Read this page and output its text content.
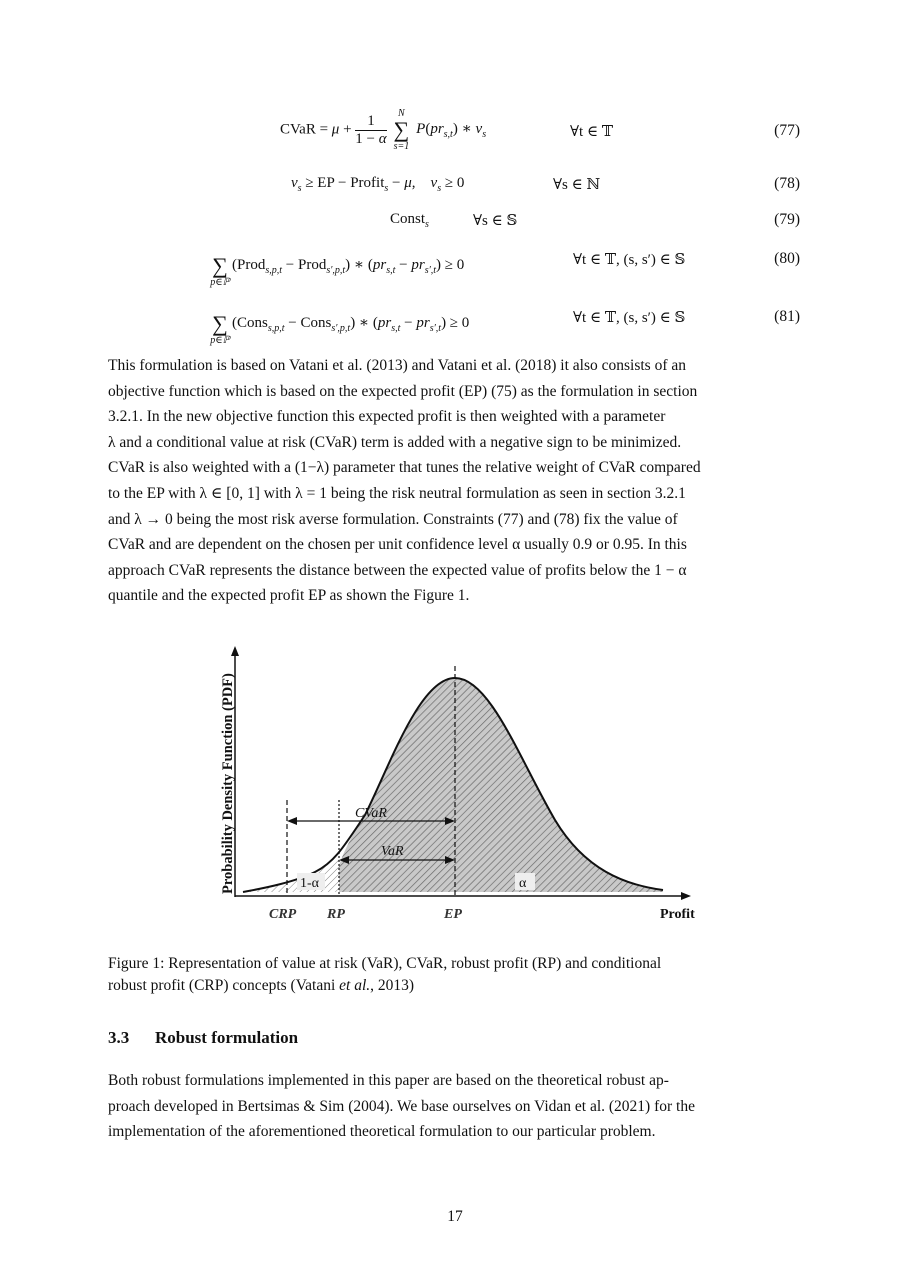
CVaR = $\mu + \frac{1}{1 - \alpha}$
	N
∑
s=1
$P(pr_{s,t})$ ∗ $v_s$	∀t ∈ 𝕋	(77)
$v_s$ ≥ EP − Profit$_s$ − μ,    $v_s \ge 0$	∀s ∈ ℕ	(78)
Const$_s$	∀s ∈ 𝕊	(79)

∑
p∈ℙ
(Prod$_{s,p,t}$ − Prod$_{s',p,t}$) ∗ $(pr_{s,t} - pr_{s',t}) \ge 0$	∀t ∈ 𝕋, (s, s′) ∈ 𝕊	(80)

∑
p∈ℙ
(Cons$_{s,p,t}$ − Cons$_{s',p,t}$) ∗ $(pr_{s,t} - pr_{s',t}) \ge 0$	∀t ∈ 𝕋, (s, s′) ∈ 𝕊	(81)
This formulation is based on Vatani et al. (2013) and Vatani et al. (2018) it also consists of an
objective function which is based on the expected profit (EP) (75) as the formulation in section
3.2.1. In the new objective function this expected profit is then weighted with a parameter
λ and a conditional value at risk (CVaR) term is added with a negative sign to be minimized.
CVaR is also weighted with a (1−λ) parameter that tunes the relative weight of CVaR compared
to the EP with λ ∈ [0, 1] with λ = 1 being the risk neutral formulation as seen in section 3.2.1
and λ → 0 being the most risk averse formulation. Constraints (77) and (78) fix the value of
CVaR and are dependent on the chosen per unit confidence level α usually 0.9 or 0.95. In this
approach CVaR represents the distance between the expected value of profits below the 1 − α
quantile and the expected profit EP as shown the Figure 1.
CVaR
VaR
1-α	α
Probability Density Function (PDF)
CRP RP	EP	Profit
Figure 1: Representation of value at risk (VaR), CVaR, robust profit (RP) and conditional
robust profit (CRP) concepts (Vatani et al., 2013)
3.3 Robust formulation
Both robust formulations implemented in this paper are based on the theoretical robust ap-
proach developed in Bertsimas & Sim (2004). We base ourselves on Vidan et al. (2021) for the
implementation of the aforementioned theoretical formulation to our particular problem.
17
